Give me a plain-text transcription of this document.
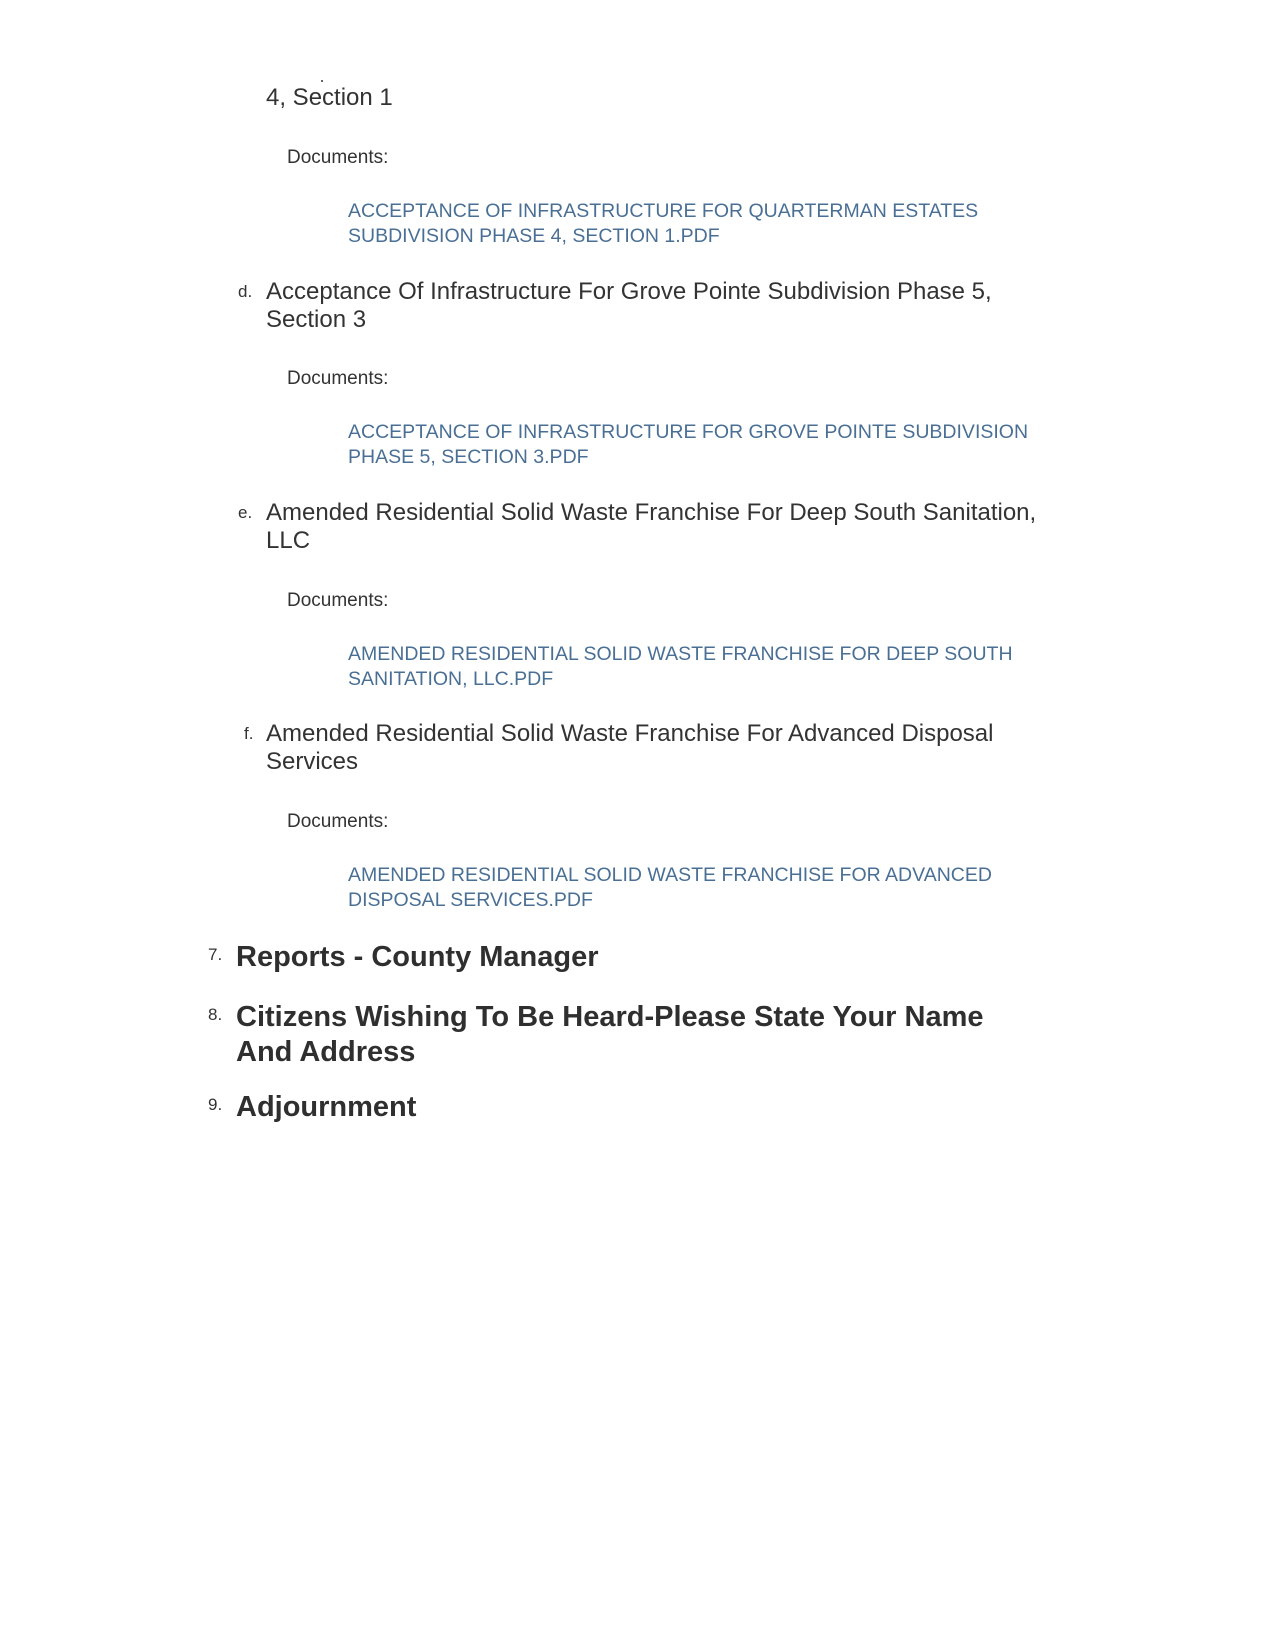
4, Section 1
Documents:
ACCEPTANCE OF INFRASTRUCTURE FOR QUARTERMAN ESTATES SUBDIVISION PHASE 4, SECTION 1.PDF
d. Acceptance Of Infrastructure For Grove Pointe Subdivision Phase 5, Section 3
Documents:
ACCEPTANCE OF INFRASTRUCTURE FOR GROVE POINTE SUBDIVISION PHASE 5, SECTION 3.PDF
e. Amended Residential Solid Waste Franchise For Deep South Sanitation, LLC
Documents:
AMENDED RESIDENTIAL SOLID WASTE FRANCHISE FOR DEEP SOUTH SANITATION, LLC.PDF
f. Amended Residential Solid Waste Franchise For Advanced Disposal Services
Documents:
AMENDED RESIDENTIAL SOLID WASTE FRANCHISE FOR ADVANCED DISPOSAL SERVICES.PDF
7. Reports - County Manager
8. Citizens Wishing To Be Heard-Please State Your Name And Address
9. Adjournment
